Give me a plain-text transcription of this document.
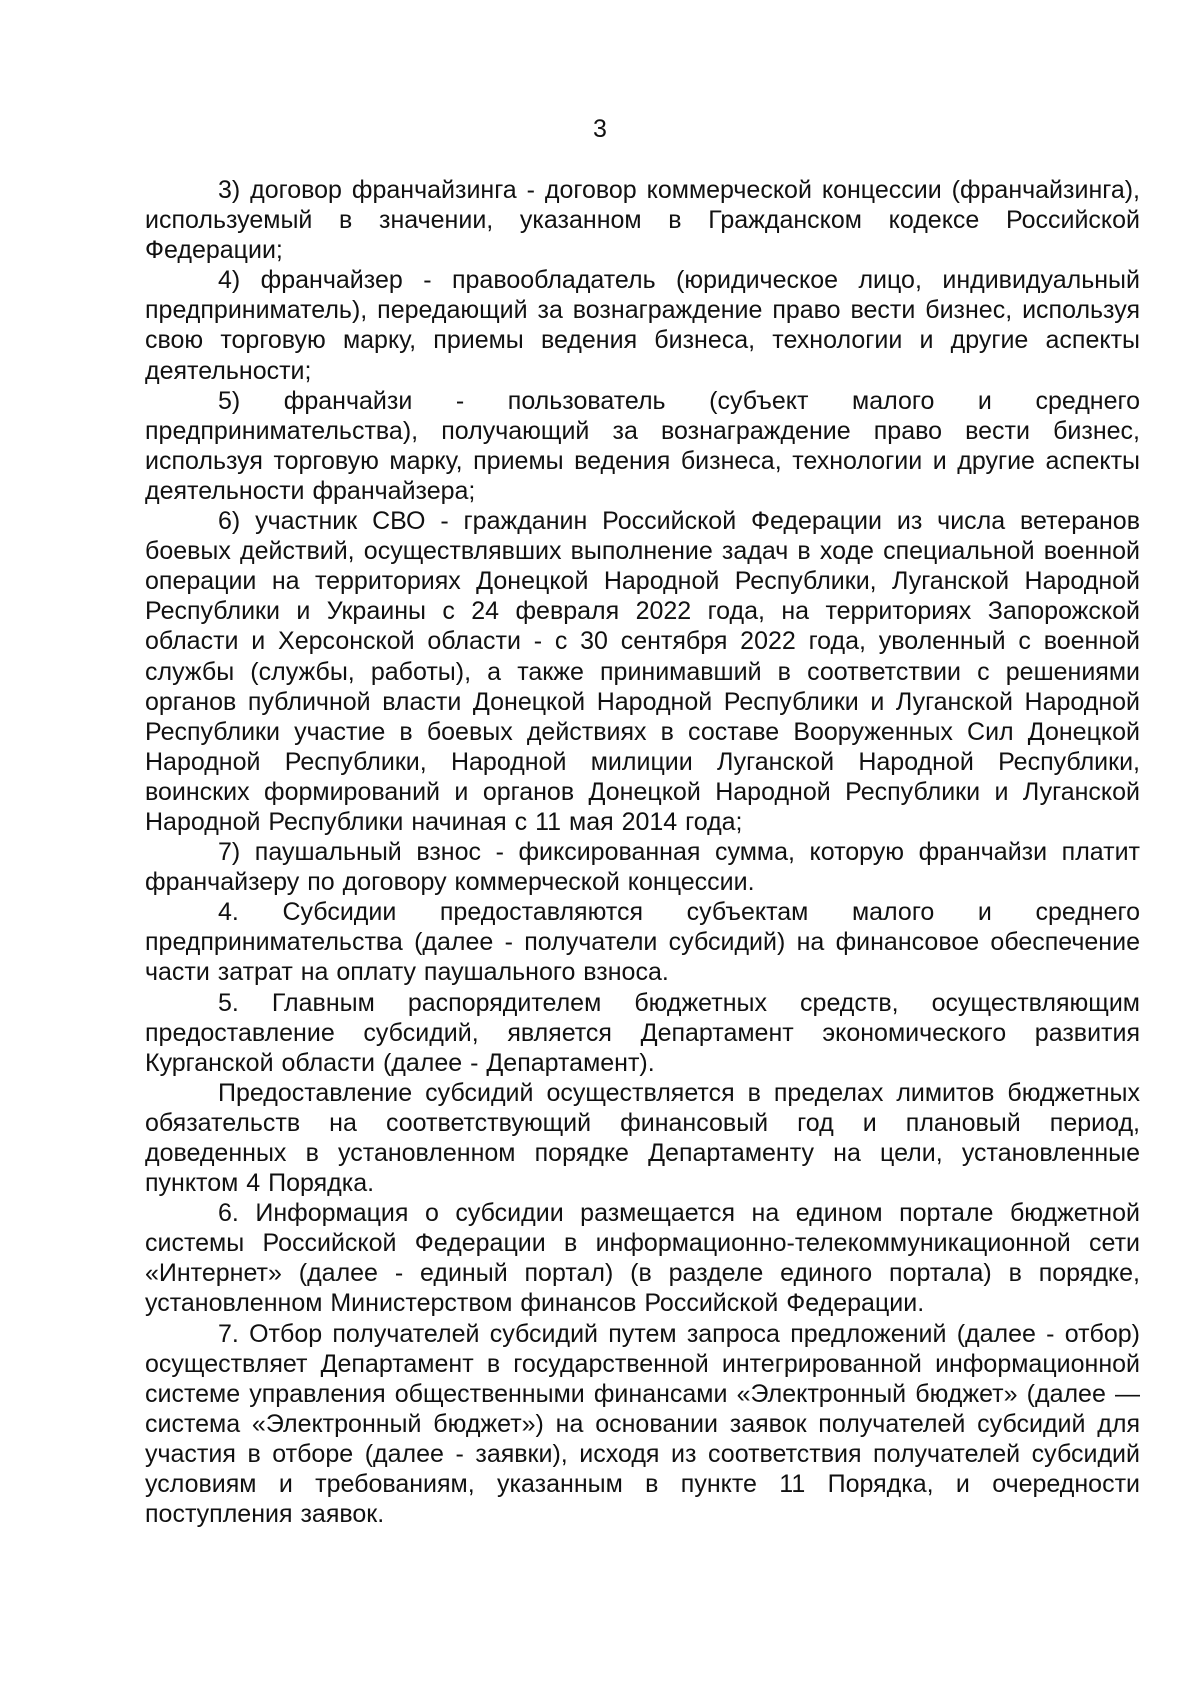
3

3) договор франчайзинга - договор коммерческой концессии (франчайзинга), используемый в значении, указанном в Гражданском кодексе Российской Федерации;

4) франчайзер - правообладатель (юридическое лицо, индивидуальный предприниматель), передающий за вознаграждение право вести бизнес, используя свою торговую марку, приемы ведения бизнеса, технологии и другие аспекты деятельности;

5) франчайзи - пользователь (субъект малого и среднего предпринимательства), получающий за вознаграждение право вести бизнес, используя торговую марку, приемы ведения бизнеса, технологии и другие аспекты деятельности франчайзера;

6) участник СВО - гражданин Российской Федерации из числа ветеранов боевых действий, осуществлявших выполнение задач в ходе специальной военной операции на территориях Донецкой Народной Республики, Луганской Народной Республики и Украины с 24 февраля 2022 года, на территориях Запорожской области и Херсонской области - с 30 сентября 2022 года, уволенный с военной службы (службы, работы), а также принимавший в соответствии с решениями органов публичной власти Донецкой Народной Республики и Луганской Народной Республики участие в боевых действиях в составе Вооруженных Сил Донецкой Народной Республики, Народной милиции Луганской Народной Республики, воинских формирований и органов Донецкой Народной Республики и Луганской Народной Республики начиная с 11 мая 2014 года;

7) паушальный взнос - фиксированная сумма, которую франчайзи платит франчайзеру по договору коммерческой концессии.

4. Субсидии предоставляются субъектам малого и среднего предпринимательства (далее - получатели субсидий) на финансовое обеспечение части затрат на оплату паушального взноса.

5. Главным распорядителем бюджетных средств, осуществляющим предоставление субсидий, является Департамент экономического развития Курганской области (далее - Департамент).

Предоставление субсидий осуществляется в пределах лимитов бюджетных обязательств на соответствующий финансовый год и плановый период, доведенных в установленном порядке Департаменту на цели, установленные пунктом 4 Порядка.

6. Информация о субсидии размещается на едином портале бюджетной системы Российской Федерации в информационно-телекоммуникационной сети «Интернет» (далее - единый портал) (в разделе единого портала) в порядке, установленном Министерством финансов Российской Федерации.

7. Отбор получателей субсидий путем запроса предложений (далее - отбор) осуществляет Департамент в государственной интегрированной информационной системе управления общественными финансами «Электронный бюджет» (далее — система «Электронный бюджет») на основании заявок получателей субсидий для участия в отборе (далее - заявки), исходя из соответствия получателей субсидий условиям и требованиям, указанным в пункте 11 Порядка, и очередности поступления заявок.
